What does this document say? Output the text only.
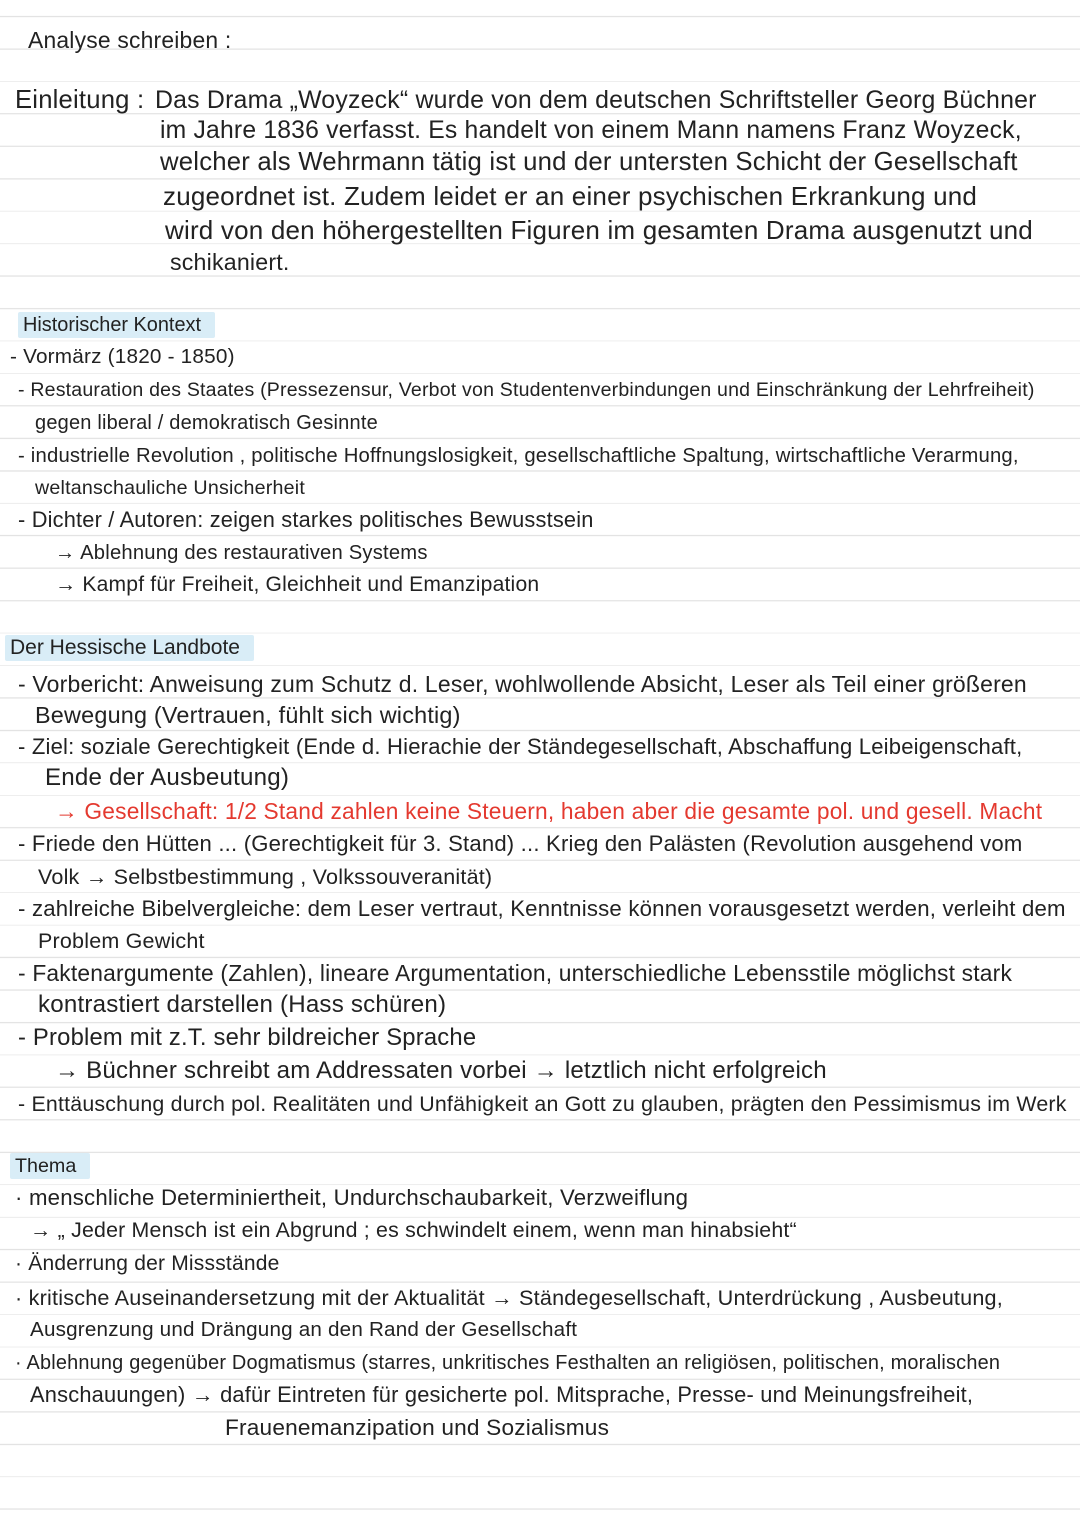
Analyse schreiben :
Einleitung : Das Drama „Woyzeck“ wurde von dem deutschen Schriftsteller Georg Büchner
im Jahre 1836 verfasst. Es handelt von einem Mann namens Franz Woyzeck,
welcher als Wehrmann tätig ist und der untersten Schicht der Gesellschaft
zugeordnet ist. Zudem leidet er an einer psychischen Erkrankung und
wird von den höhergestellten Figuren im gesamten Drama ausgenutzt und
schikaniert.
Historischer Kontext
- Vormärz (1820 - 1850)
- Restauration des Staates (Pressezensur, Verbot von Studentenverbindungen und Einschränkung der Lehrfreiheit)
gegen liberal / demokratisch Gesinnte
- industrielle Revolution , politische Hoffnungslosigkeit, gesellschaftliche Spaltung, wirtschaftliche Verarmung,
weltanschauliche Unsicherheit
- Dichter / Autoren: zeigen starkes politisches Bewusstsein
→ Ablehnung des restaurativen Systems
→ Kampf für Freiheit, Gleichheit und Emanzipation
Der Hessische Landbote
- Vorbericht: Anweisung zum Schutz d. Leser, wohlwollende Absicht, Leser als Teil einer größeren
Bewegung (Vertrauen, fühlt sich wichtig)
- Ziel: soziale Gerechtigkeit (Ende d. Hierachie der Ständegesellschaft, Abschaffung Leibeigenschaft,
Ende der Ausbeutung)
→ Gesellschaft: 1/2 Stand zahlen keine Steuern, haben aber die gesamte pol. und gesell. Macht
- Friede den Hütten ... (Gerechtigkeit für 3. Stand) ... Krieg den Palästen (Revolution ausgehend vom
Volk → Selbstbestimmung , Volkssouveranität)
- zahlreiche Bibelvergleiche: dem Leser vertraut, Kenntnisse können vorausgesetzt werden, verleiht dem
Problem Gewicht
- Faktenargumente (Zahlen), lineare Argumentation, unterschiedliche Lebensstile möglichst stark
kontrastiert darstellen (Hass schüren)
- Problem mit z.T. sehr bildreicher Sprache
→ Büchner schreibt am Addressaten vorbei → letztlich nicht erfolgreich
- Enttäuschung durch pol. Realitäten und Unfähigkeit an Gott zu glauben, prägten den Pessimismus im Werk
Thema
· menschliche Determiniertheit, Undurchschaubarkeit, Verzweiflung
→ „ Jeder Mensch ist ein Abgrund ; es schwindelt einem, wenn man hinabsieht“
· Änderrung der Missstände
· kritische Auseinandersetzung mit der Aktualität → Ständegesellschaft, Unterdrückung , Ausbeutung,
Ausgrenzung und Drängung an den Rand der Gesellschaft
· Ablehnung gegenüber Dogmatismus (starres, unkritisches Festhalten an religiösen, politischen, moralischen
Anschauungen) → dafür Eintreten für gesicherte pol. Mitsprache, Presse- und Meinungsfreiheit,
Frauenemanzipation und Sozialismus
